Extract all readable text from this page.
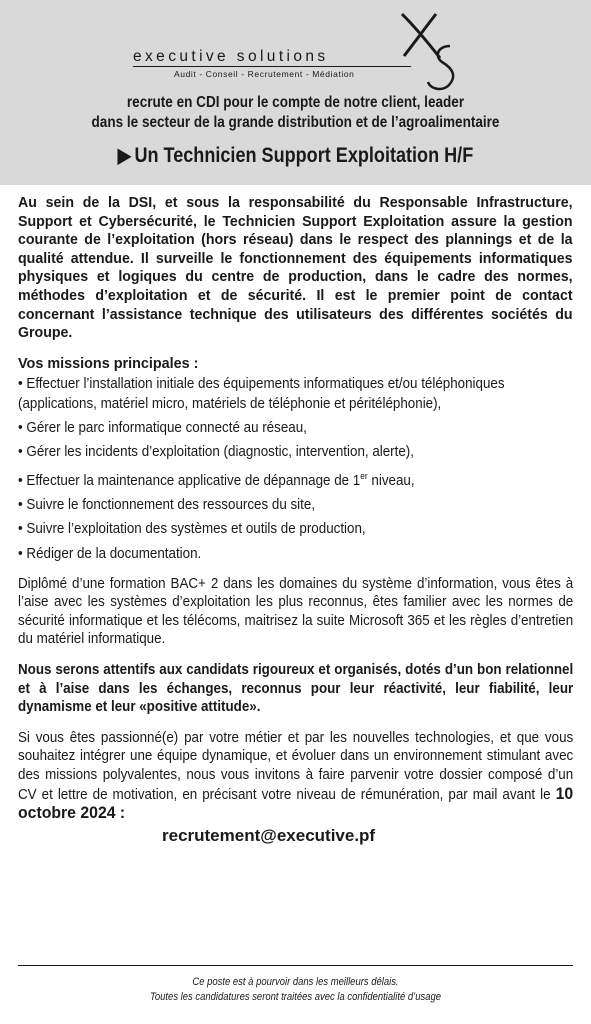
executive solutions
Audit - Conseil - Recrutement - Médiation
recrute en CDI pour le compte de notre client, leader
dans le secteur de la grande distribution et de l’agroalimentaire
▶ Un Technicien Support Exploitation H/F
Au sein de la DSI, et sous la responsabilité du Responsable Infrastructure, Support et Cybersécurité, le Technicien Support Exploitation assure la gestion courante de l’exploitation (hors réseau) dans le respect des plannings et de la qualité attendue. Il surveille le fonctionnement des équipements informatiques physiques et logiques du centre de production, dans le cadre des normes, méthodes d’exploitation et de sécurité. Il est le premier point de contact concernant l’assistance technique des utilisateurs des différentes sociétés du Groupe.
Vos missions principales :
• Effectuer l’installation initiale des équipements informatiques et/ou téléphoniques
(applications, matériel micro, matériels de téléphonie et péritéléphonie),
• Gérer le parc informatique connecté au réseau,
• Gérer les incidents d’exploitation (diagnostic, intervention, alerte),
• Effectuer la maintenance applicative de dépannage de 1er niveau,
• Suivre le fonctionnement des ressources du site,
• Suivre l’exploitation des systèmes et outils de production,
• Rédiger de la documentation.
Diplômé d’une formation BAC+ 2 dans les domaines du système d’information, vous êtes à l’aise avec les systèmes d’exploitation les plus reconnus, êtes familier avec les normes de sécurité informatique et les télécoms, maitrisez la suite Microsoft 365 et les règles d’entretien du matériel informatique.
Nous serons attentifs aux candidats rigoureux et organisés, dotés d’un bon relationnel et à l’aise dans les échanges, reconnus pour leur réactivité, leur fiabilité, leur dynamisme et leur «positive attitude».
Si vous êtes passionné(e) par votre métier et par les nouvelles technologies, et que vous souhaitez intégrer une équipe dynamique, et évoluer dans un environnement stimulant avec des missions polyvalentes, nous vous invitons à faire parvenir votre dossier composé d’un CV et lettre de motivation, en précisant votre niveau de rémunération, par mail avant le 10 octobre 2024 :
recrutement@executive.pf
Ce poste est à pourvoir dans les meilleurs délais.
Toutes les candidatures seront traitées avec la confidentialité d’usage
